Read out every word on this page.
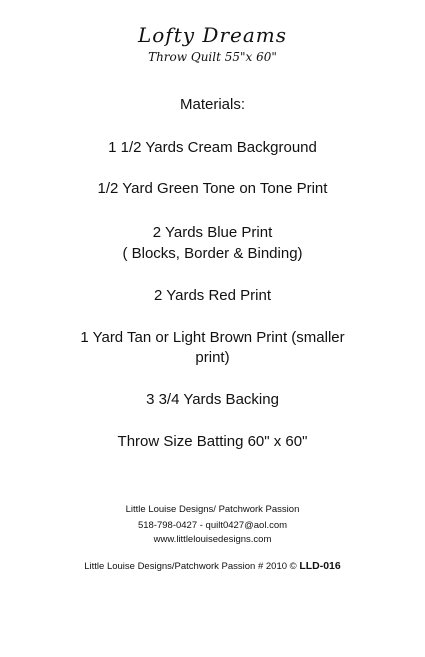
Lofty Dreams
Throw Quilt 55"x 60"
Materials:
1 1/2 Yards Cream Background
1/2 Yard Green Tone on Tone Print
2 Yards Blue Print
( Blocks, Border & Binding)
2 Yards Red Print
1 Yard Tan or Light Brown Print (smaller
print)
3 3/4 Yards Backing
Throw Size Batting 60" x 60"
Little Louise Designs/ Patchwork Passion
518-798-0427 - quilt0427@aol.com
www.littlelouisedesigns.com
Little Louise Designs/Patchwork Passion # 2010 © LLD-016
